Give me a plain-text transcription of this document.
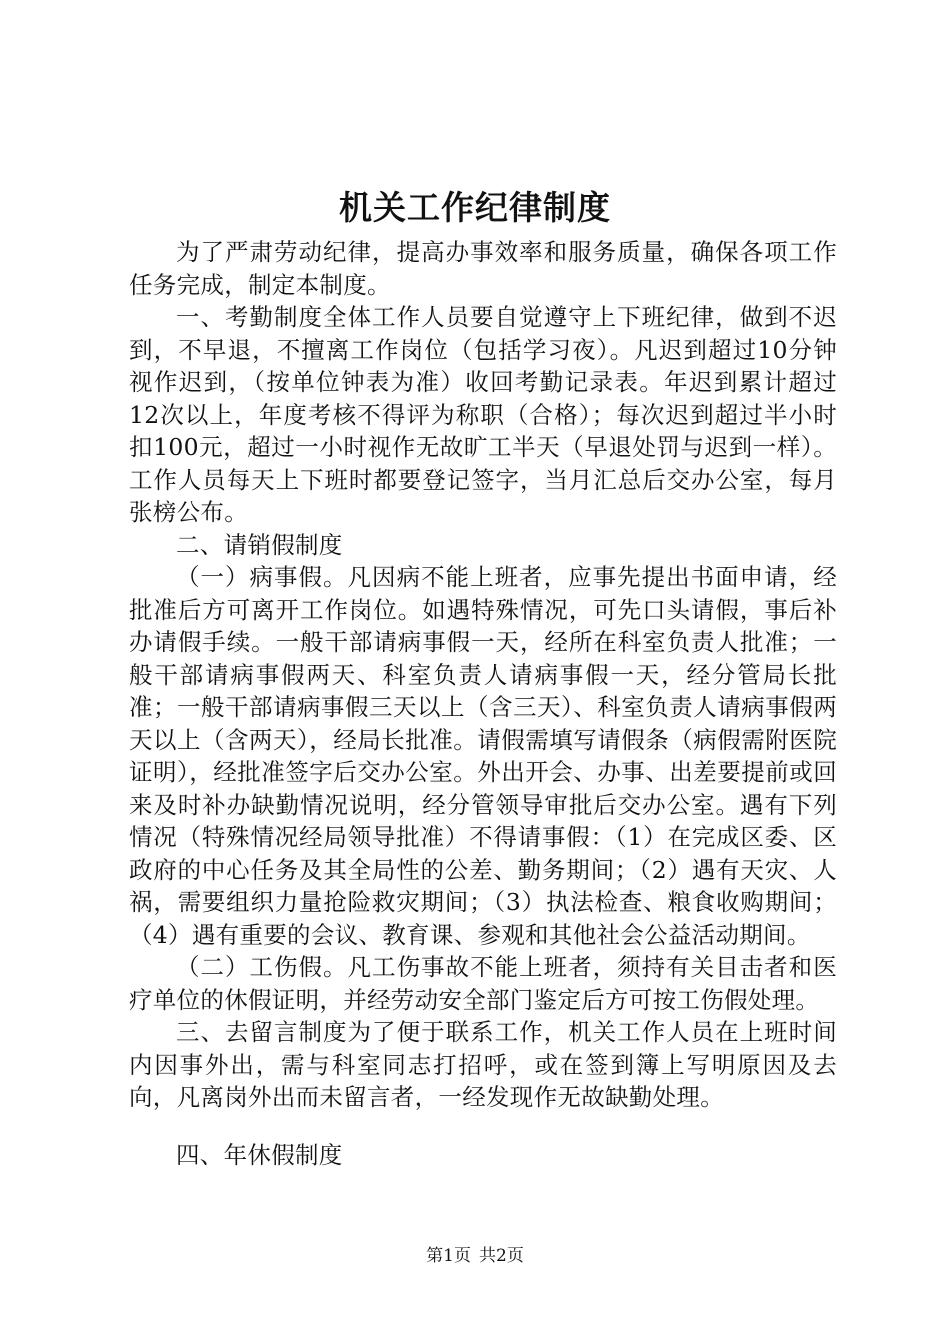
机关工作纪律制度

为了严肃劳动纪律，提高办事效率和服务质量，确保各项工作任务完成，制定本制度。

一、考勤制度全体工作人员要自觉遵守上下班纪律，做到不迟到，不早退，不擅离工作岗位（包括学习夜）。凡迟到超过10分钟视作迟到，（按单位钟表为准）收回考勤记录表。年迟到累计超过12次以上，年度考核不得评为称职（合格）；每次迟到超过半小时扣100元，超过一小时视作无故旷工半天（早退处罚与迟到一样）。工作人员每天上下班时都要登记签字，当月汇总后交办公室，每月张榜公布。

二、请销假制度

（一）病事假。凡因病不能上班者，应事先提出书面申请，经批准后方可离开工作岗位。如遇特殊情况，可先口头请假，事后补办请假手续。一般干部请病事假一天，经所在科室负责人批准；一般干部请病事假两天、科室负责人请病事假一天，经分管局长批准；一般干部请病事假三天以上（含三天）、科室负责人请病事假两天以上（含两天），经局长批准。请假需填写请假条（病假需附医院证明），经批准签字后交办公室。外出开会、办事、出差要提前或回来及时补办缺勤情况说明，经分管领导审批后交办公室。遇有下列情况（特殊情况经局领导批准）不得请事假：（1）在完成区委、区政府的中心任务及其全局性的公差、勤务期间；（2）遇有天灾、人祸，需要组织力量抢险救灾期间；（3）执法检查、粮食收购期间；（4）遇有重要的会议、教育课、参观和其他社会公益活动期间。

（二）工伤假。凡工伤事故不能上班者，须持有关目击者和医疗单位的休假证明，并经劳动安全部门鉴定后方可按工伤假处理。

三、去留言制度为了便于联系工作，机关工作人员在上班时间内因事外出，需与科室同志打招呼，或在签到簿上写明原因及去向，凡离岗外出而未留言者，一经发现作无故缺勤处理。

四、年休假制度

第1页 共2页
